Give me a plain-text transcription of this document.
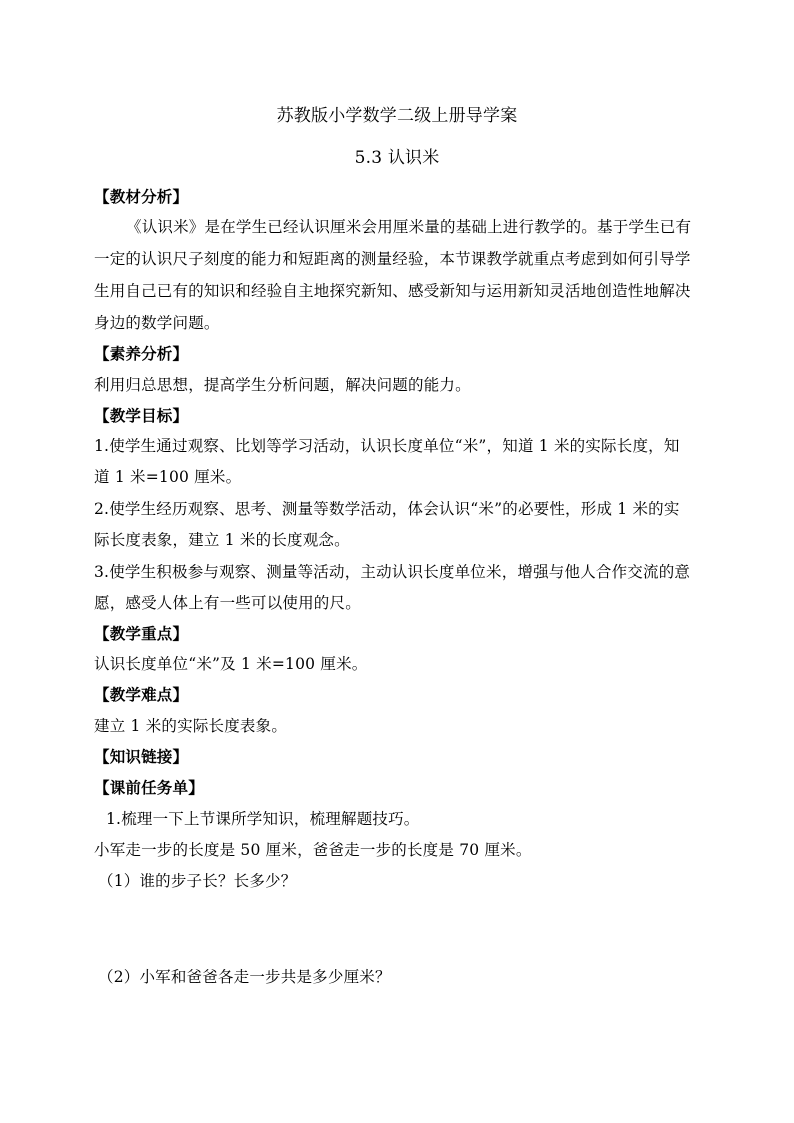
苏教版小学数学二级上册导学案
5.3 认识米
【教材分析】
《认识米》是在学生已经认识厘米会用厘米量的基础上进行教学的。基于学生已有
一定的认识尺子刻度的能力和短距离的测量经验，本节课教学就重点考虑到如何引导学
生用自己已有的知识和经验自主地探究新知、感受新知与运用新知灵活地创造性地解决
身边的数学问题。
【素养分析】
利用归总思想，提高学生分析问题，解决问题的能力。
【教学目标】
1.使学生通过观察、比划等学习活动，认识长度单位“米”，知道 1 米的实际长度，知
道 1 米=100 厘米。
2.使学生经历观察、思考、测量等数学活动，体会认识“米”的必要性，形成 1 米的实
际长度表象，建立 1 米的长度观念。
3.使学生积极参与观察、测量等活动，主动认识长度单位米，增强与他人合作交流的意
愿，感受人体上有一些可以使用的尺。
【教学重点】
认识长度单位“米”及 1 米=100 厘米。
【教学难点】
建立 1 米的实际长度表象。
【知识链接】
【课前任务单】
1.梳理一下上节课所学知识，梳理解题技巧。
小军走一步的长度是 50 厘米，爸爸走一步的长度是 70 厘米。
（1）谁的步子长？长多少？
（2）小军和爸爸各走一步共是多少厘米？
